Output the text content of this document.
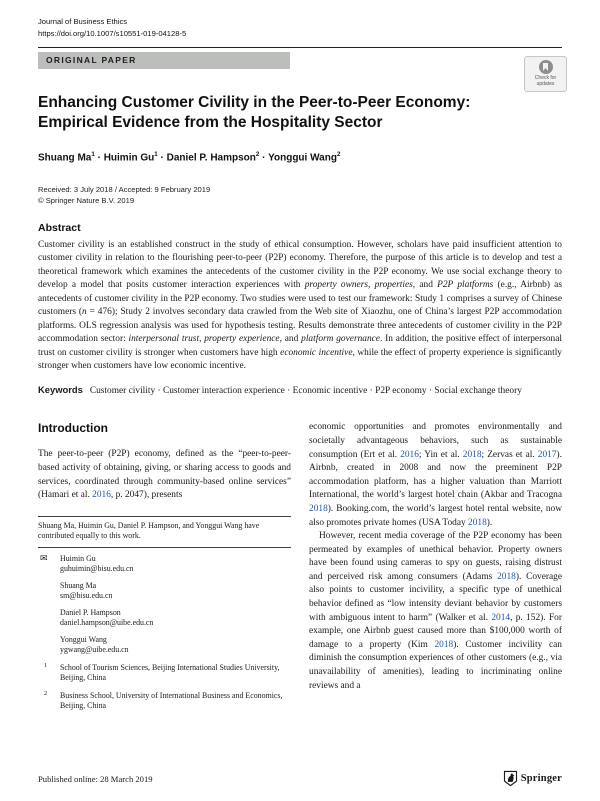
Journal of Business Ethics
https://doi.org/10.1007/s10551-019-04128-5
ORIGINAL PAPER
Check for
updates
Enhancing Customer Civility in the Peer-to-Peer Economy: Empirical Evidence from the Hospitality Sector
Shuang $Ma^1 \cdot Huimin$ $Gu^1$ · Daniel P. Hampson$^2$ · Yonggui Wang$^2$
Received: 3 July 2018 / Accepted: 9 February 2019
© Springer Nature B.V. 2019
Abstract
Customer civility is an established construct in the study of ethical consumption. However, scholars have paid insufficient attention to customer civility in relation to the flourishing peer-to-peer (P2P) economy. Therefore, the purpose of this article is to develop and test a theoretical framework which examines the antecedents of the customer civility in the P2P economy. We use social exchange theory to develop a model that posits customer interaction experiences with property owners, properties, and P2P platforms (e.g., Airbnb) as antecedents of customer civility in the P2P economy. Two studies were used to test our framework: Study 1 comprises a survey of Chinese customers (n = 476); Study 2 involves secondary data crawled from the Web site of Xiaozhu, one of China’s largest P2P accommodation platforms. OLS regression analysis was used for hypothesis testing. Results demonstrate three antecedents of customer civility in the P2P accommodation sector: interpersonal trust, property experience, and platform governance. In addition, the positive effect of interpersonal trust on customer civility is stronger when customers have high economic incentive, while the effect of property experience is significantly stronger when customers have low economic incentive.
Keywords Customer civility · Customer interaction experience · Economic incentive · P2P economy · Social exchange theory
Introduction
The peer-to-peer (P2P) economy, defined as the “peer-to-peer-based activity of obtaining, giving, or sharing access to goods and services, coordinated through community-based online services” (Hamari et al. 2016, p. 2047), presents
Shuang Ma, Huimin Gu, Daniel P. Hampson, and Yonggui Wang have contributed equally to this work.
✉ Huimin Gu
guhuimin@bisu.edu.cn
Shuang Ma
sm@bisu.edu.cn
Daniel P. Hampson
daniel.hampson@uibe.edu.cn
Yonggui Wang
ygwang@uibe.edu.cn
1 School of Tourism Sciences, Beijing International Studies University, Beijing, China
2 Business School, University of International Business and Economics, Beijing, China
economic opportunities and promotes environmentally and societally advantageous behaviors, such as sustainable consumption (Ert et al. 2016; Yin et al. 2018; Zervas et al. 2017). Airbnb, created in 2008 and now the preeminent P2P accommodation platform, has a higher valuation than Marriott International, the world’s largest hotel chain (Akbar and Tracogna 2018). Booking.com, the world’s largest hotel rental website, now also promotes private homes (USA Today 2018).
However, recent media coverage of the P2P economy has been permeated by examples of unethical behavior. Property owners have been found using cameras to spy on guests, raising distrust and perceived risk among consumers (Adams 2018). Coverage also points to customer incivility, a specific type of unethical behavior defined as “low intensity deviant behavior by customers with ambiguous intent to harm” (Walker et al. 2014, p. 152). For example, one Airbnb guest caused more than $100,000 worth of damage to a property (Kim 2018). Customer incivility can diminish the consumption experiences of other customers (e.g., via unavailability of amenities), leading to incriminating online reviews and a
Published online: 28 March 2019	Springer
